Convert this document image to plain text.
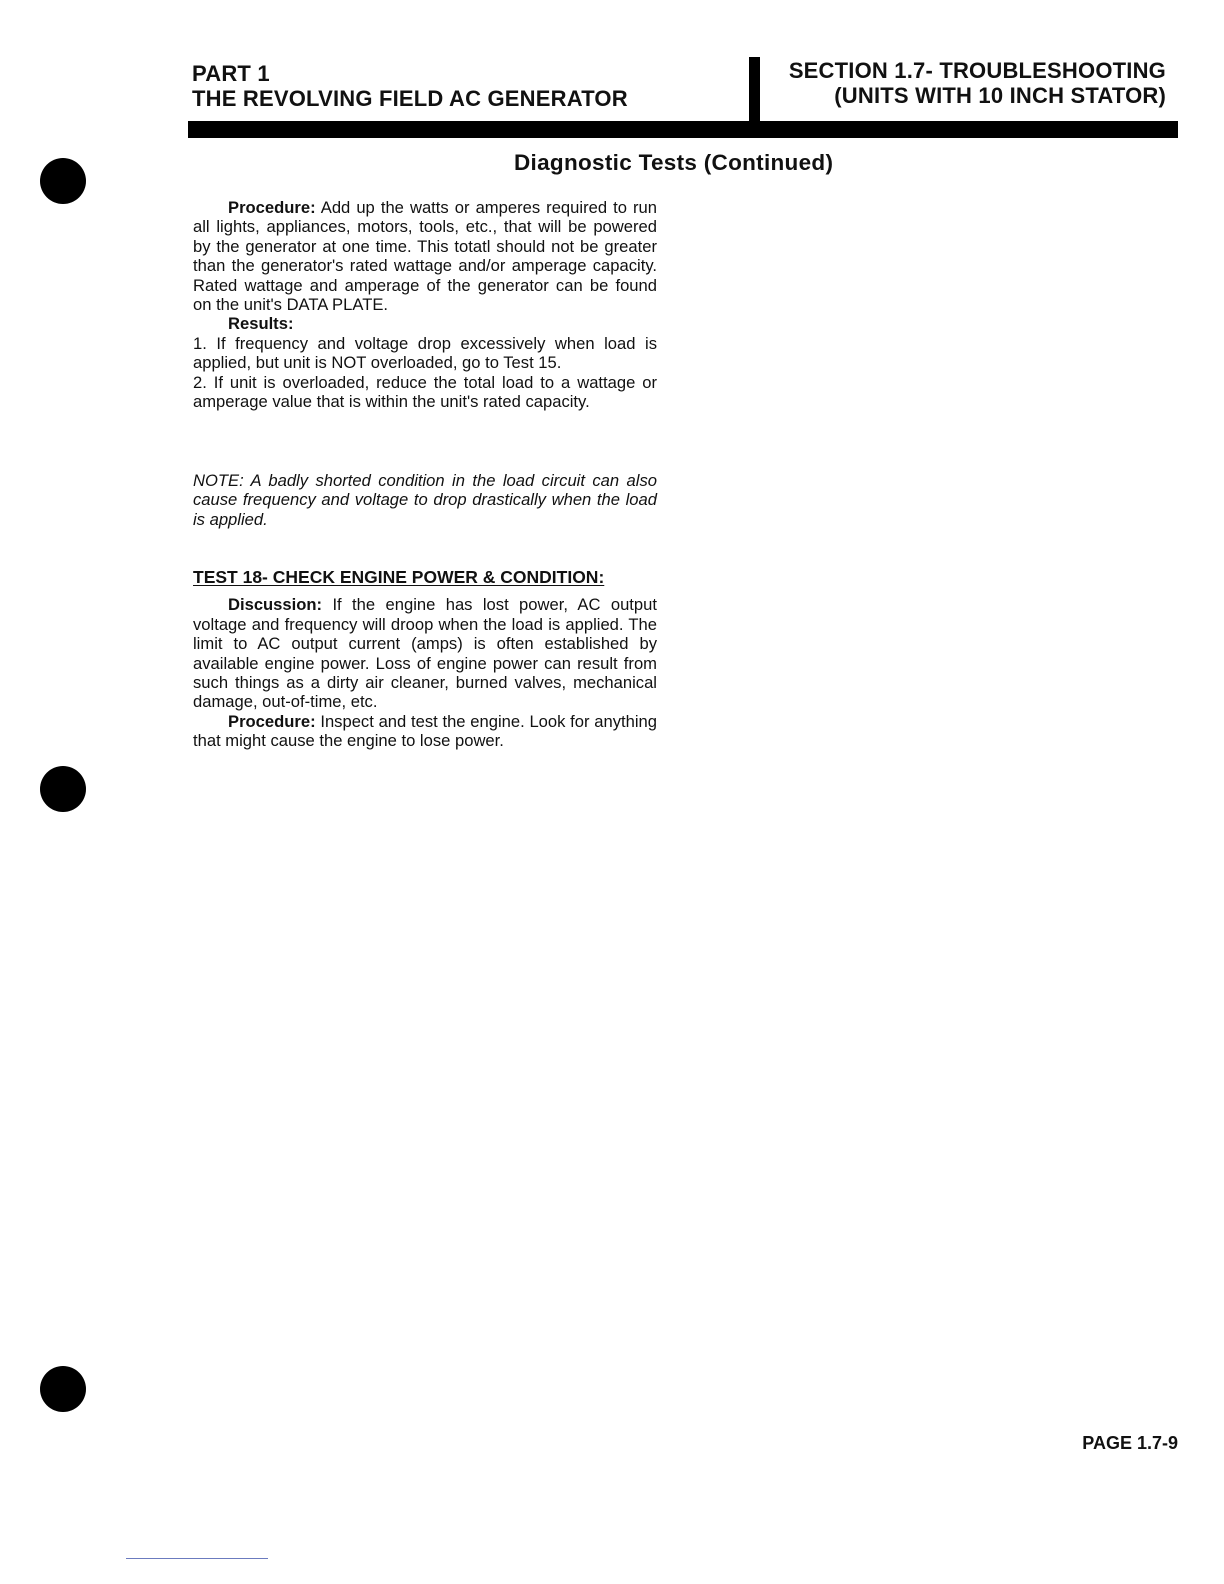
PART 1
THE REVOLVING FIELD AC GENERATOR
SECTION 1.7- TROUBLESHOOTING
(UNITS WITH 10 INCH STATOR)
Diagnostic Tests (Continued)

Procedure: Add up the watts or amperes required to run all lights, appliances, motors, tools, etc., that will be powered by the generator at one time. This totatl should not be greater than the generator's rated wattage and/or amperage capacity. Rated wattage and amperage of the generator can be found on the unit's DATA PLATE.

Results:

1. If frequency and voltage drop excessively when load is applied, but unit is NOT overloaded, go to Test 15.

2. If unit is overloaded, reduce the total load to a wattage or amperage value that is within the unit's rated capacity.

NOTE: A badly shorted condition in the load circuit can also cause frequency and voltage to drop drastically when the load is applied.

TEST 18- CHECK ENGINE POWER & CONDITION:

Discussion: If the engine has lost power, AC output voltage and frequency will droop when the load is applied. The limit to AC output current (amps) is often established by available engine power. Loss of engine power can result from such things as a dirty air cleaner, burned valves, mechanical damage, out-of-time, etc.

Procedure: Inspect and test the engine. Look for anything that might cause the engine to lose power.

PAGE 1.7-9
